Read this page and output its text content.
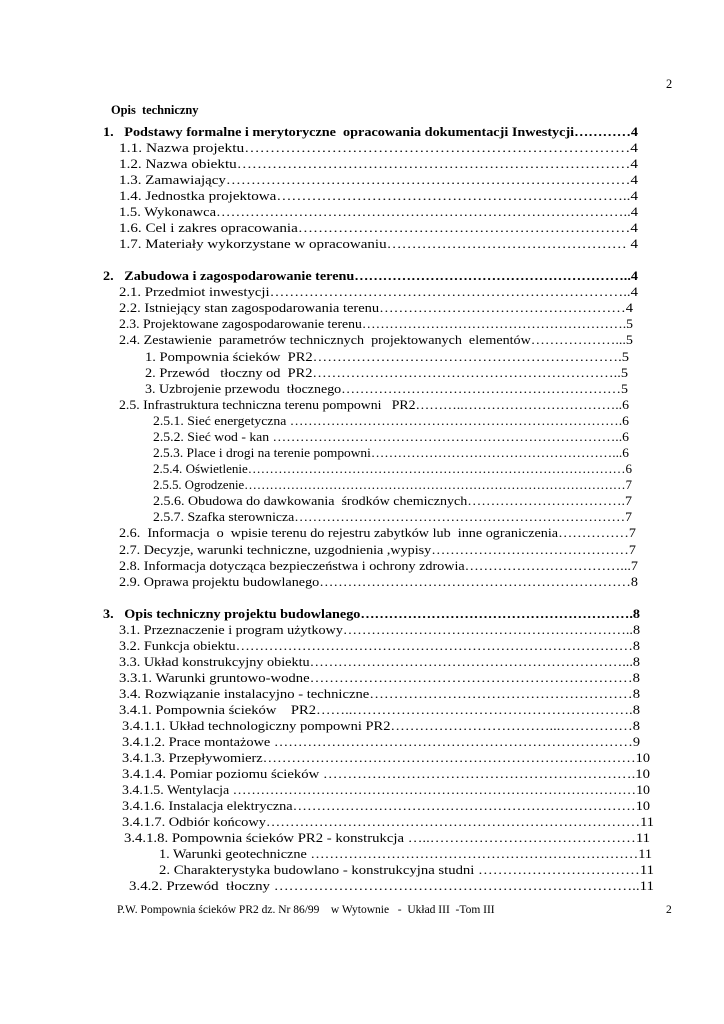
2
Opis  techniczny
1.   Podstawy formalne i merytoryczne  opracowania dokumentacji Inwestycji…………4
1.1. Nazwa projektu…………………………………………………………………4
1.2. Nazwa obiektu……………………………………………………………………4
1.3. Zamawiający………………………………………………………………………4
1.4. Jednostka projektowa……………………………………………………………..4
1.5. Wykonawca…………………………………………………………………………..4
1.6. Cel i zakres opracowania…………………………………………………………4
1.7. Materiały wykorzystane w opracowaniu………………………………………… 4
2.   Zabudowa i zagospodarowanie terenu…………………………………………………..4
2.1. Przedmiot inwestycji………………………………………………………………..4
2.2. Istniejący stan zagospodarowania terenu……………………………………………4
2.3. Projektowane zagospodarowanie terenu………………………………………………….5
2.4. Zestawienie  parametrów technicznych  projektowanych  elementów………………...5
1. Pompownia ścieków  PR2……………………………………………………….5
2. Przewód   tłoczny od  PR2………………………………………………………..5
3. Uzbrojenie przewodu  tłocznego……………………………………………………5
2.5. Infrastruktura techniczna terenu pompowni   PR2………..……………………………..6
2.5.1. Sieć energetyczna ……………………………………………………………….6
2.5.2. Sieć wod - kan …………………………………………………………………..6
2.5.3. Place i drogi na terenie pompowni………………………………………………...6
2.5.4. Oświetlenie……………………………………………………………………………6
2.5.5. Ogrodzenie………………………………………………………………………………7
2.5.6. Obudowa do dawkowania  środków chemicznych…………………………….7
2.5.7. Szafka sterownicza………………………………………………………………7
2.6.  Informacja  o  wpisie terenu do rejestru zabytków lub  inne ograniczenia……………7
2.7. Decyzje, warunki techniczne, uzgodnienia ,wypisy……………………………………7
2.8. Informacja dotycząca bezpieczeństwa i ochrony zdrowia……………………………...7
2.9. Oprawa projektu budowlanego…………………………………………………………8
3.   Opis techniczny projektu budowlanego………………………………………………….8
3.1. Przeznaczenie i program użytkowy……………………………………………………..8
3.2. Funkcja obiektu…………………………………………………………………………8
3.3. Układ konstrukcyjny obiektu…………………………………………………………...8
3.3.1. Warunki gruntowo-wodne…………………………………………………………8
3.4. Rozwiązanie instalacyjno - techniczne………………………………………………8
3.4.1. Pompownia ścieków    PR2……..………………………………………………….8
3.4.1.1. Układ technologiczny pompowni PR2……………………………...……………8
3.4.1.2. Prace montażowe …………………………………………………………………9
3.4.1.3. Przepływomierz……………………………………………………………………10
3.4.1.4. Pomiar poziomu ścieków ……………………………………………………….10
3.4.1.5. Wentylacja ……………………………………………………………………………10
3.4.1.6. Instalacja elektryczna………………………………………………………………10
3.4.1.7. Odbiór końcowy……………………………………………………………………11
3.4.1.8. Pompownia ścieków PR2 - konstrukcja …..……………………………………11
1. Warunki geotechniczne ……………………………………………………………11
2. Charakterystyka budowlano - konstrukcyjna studni ……………………………11
3.4.2. Przewód  tłoczny ………………………………………………………………..11
P.W. Pompownia ścieków PR2 dz. Nr 86/99    w Wytownie   -  Układ III  -Tom III	2
